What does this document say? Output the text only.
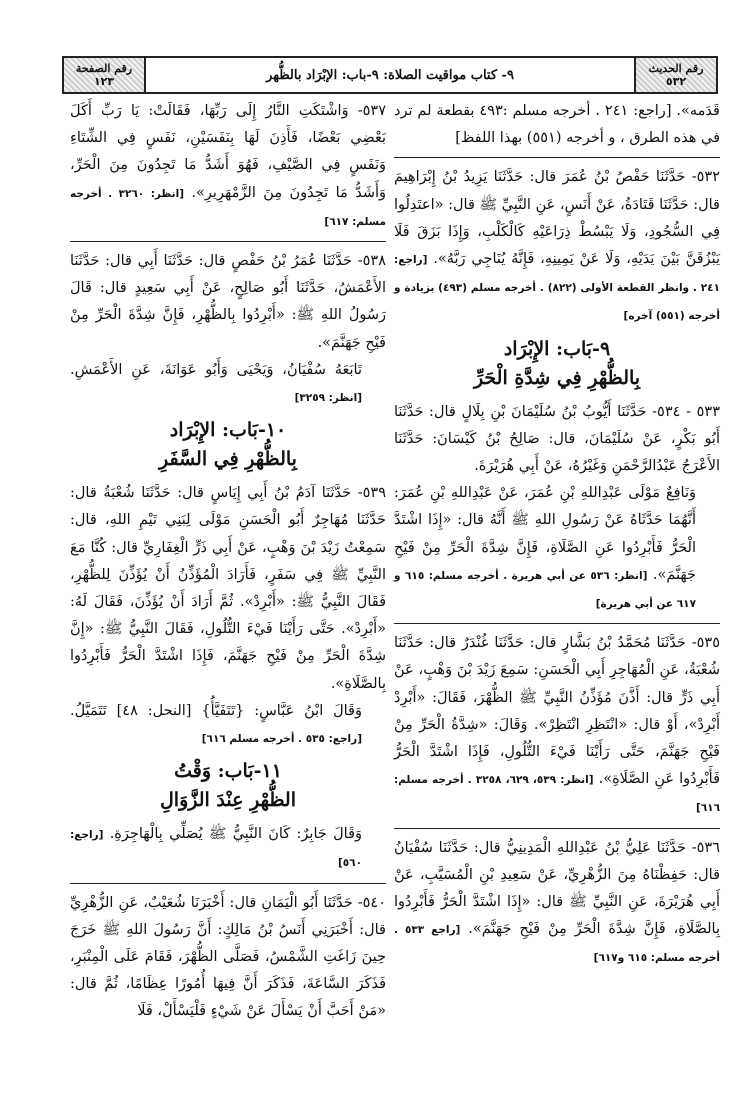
رقم الصفحة
١٢٣	٩- كتاب مواقيت الصلاة: ٩-باب: الإبْرَاد بالظُّهر	رقم الحديث
٥٣٢

قَدَمه». [راجع: ٢٤١ . أخرجه مسلم :٤٩٣ بقطعة لم ترد في هذه الطرق ، و أخرجه (٥٥١) بهذا اللفظ]

٥٣٢- حَدَّثَنَا حَفْصُ بْنُ عُمَرَ قال: حَدَّثَنَا يَزِيدُ بْنُ إِبْرَاهِيمَ قال: حَدَّثَنَا قَتَادَةُ، عَنْ أَنَسٍ، عَنِ النَّبِيِّ ﷺ قال: «اعتَدِلُوا فِي السُّجُودِ، وَلَا يَبْسُطْ ذِرَاعَيْهِ كَالْكَلْبِ، وَإِذَا بَزَقَ فَلَا يَبْزُقَنَّ بَيْنَ يَدَيْهِ، وَلَا عَنْ يَمِينِهِ، فَإِنَّهُ يُنَاجِي رَبَّهُ». [راجع: ٢٤١ . وانظر القطعة الأولى (٨٢٢) . أخرجه مسلم (٤٩٣) بزيادة و أخرجه (٥٥١) آخره]

٩-بَاب: الإِبْرَاد
بِالظُّهْرِ فِي شِدَّةِ الْحَرِّ

٥٣٣ - ٥٣٤- حَدَّثَنَا أَيُّوبُ بْنُ سُلَيْمَانَ بْنِ بِلَالٍ قال: حَدَّثَنَا أَبُو بَكْرٍ، عَنْ سُلَيْمَانَ، قال: صَالِحُ بْنُ كَيْسَانَ: حَدَّثَنَا الأَعْرَجُ عَبْدُالرَّحْمَنِ وَغَيْرُهُ، عَنْ أَبِي هُرَيْرَةَ.

وَنَافِعٌ مَوْلَى عَبْدِاللهِ بْنِ عُمَرَ، عَنْ عَبْدِاللهِ بْنِ عُمَرَ: أَنَّهُمَا حَدَّثَاهُ عَنْ رَسُولِ اللهِ ﷺ أَنَّهُ قال: «إِذَا اشْتَدَّ الْحَرُّ فَأَبْرِدُوا عَنِ الصَّلَاةِ، فَإِنَّ شِدَّةَ الْحَرِّ مِنْ فَيْحِ جَهَنَّمَ». [انظر: ٥٣٦ عن أبي هريرة . أخرجه مسلم: ٦١٥ و ٦١٧ عن أبي هريرة]

٥٣٥- حَدَّثَنَا مُحَمَّدُ بْنُ بَشَّارٍ قال: حَدَّثَنَا غُنْدَرٌ قال: حَدَّثَنَا شُعْبَةُ، عَنِ الْمُهَاجِرِ أَبِي الْحَسَنِ: سَمِعَ زَيْدَ بْنَ وَهْبٍ، عَنْ أَبِي ذَرٍّ قال: أَذَّنَ مُؤَذِّنُ النَّبِيِّ ﷺ الظُّهْرَ، فَقَالَ: «أَبْرِدْ أَبْرِدْ»، أَوْ قال: «انْتَظِرِ انْتَظِرْ». وَقَالَ: «شِدَّةُ الْحَرِّ مِنْ فَيْحِ جَهَنَّمَ، حَتَّى رَأَيْنَا فَيْءَ التُّلُولِ، فَإِذَا اشْتَدَّ الْحَرُّ فَأَبْرِدُوا عَنِ الصَّلَاةِ». [انظر: ٥٣٩، ٦٢٩، ٣٢٥٨ . أخرجه مسلم: ٦١٦]

٥٣٦- حَدَّثَنَا عَلِيُّ بْنُ عَبْدِاللهِ الْمَدِينِيُّ قال: حَدَّثَنَا سُفْيَانُ قال: حَفِظْنَاهُ مِنَ الزُّهْرِيِّ، عَنْ سَعِيدِ بْنِ الْمُسَيَّبِ، عَنْ أَبِي هُرَيْرَةَ، عَنِ النَّبِيِّ ﷺ قال: «إِذَا اشْتَدَّ الْحَرُّ فَأَبْرِدُوا بِالصَّلَاةِ، فَإِنَّ شِدَّةَ الْحَرِّ مِنْ فَيْحِ جَهَنَّمَ». [راجع ٥٣٣ . أخرجه مسلم: ٦١٥ و٦١٧]

٥٣٧- وَاشْتَكَتِ النَّارُ إِلَى رَبِّهَا، فَقَالَتْ: يَا رَبِّ أَكَلَ بَعْضِي بَعْضًا، فَأَذِنَ لَهَا بِنَفَسَيْنِ، نَفَسٍ فِي الشِّتَاءِ وَنَفَسٍ فِي الصَّيْفِ، فَهُوَ أَشَدُّ مَا تَجِدُونَ مِنَ الْحَرِّ، وَأَشَدُّ مَا تَجِدُونَ مِنَ الزَّمْهَرِيرِ». [انظر: ٣٢٦٠ . أخرجه مسلم: ٦١٧]

٥٣٨- حَدَّثَنَا عُمَرُ بْنُ حَفْصٍ قال: حَدَّثَنَا أَبِي قال: حَدَّثَنَا الأَعْمَشُ، حَدَّثَنَا أَبُو صَالِحٍ، عَنْ أَبِي سَعِيدٍ قال: قَالَ رَسُولُ اللهِ ﷺ: «أَبْرِدُوا بِالظُّهْرِ، فَإِنَّ شِدَّةَ الْحَرِّ مِنْ فَيْحِ جَهَنَّمَ».

تَابَعَهُ سُفْيَانُ، وَيَحْيَى وَأَبُو عَوَانَةَ، عَنِ الأَعْمَشِ. [انظر: ٣٢٥٩]

١٠-بَاب: الإِبْرَاد
بِالظُّهْرِ فِي السَّفَرِ

٥٣٩- حَدَّثَنَا آدَمُ بْنُ أَبِي إِيَاسٍ قال: حَدَّثَنَا شُعْبَةُ قال: حَدَّثَنَا مُهَاجِرٌ أَبُو الْحَسَنِ مَوْلَى لِبَنِي تَيْمِ اللهِ، قال: سَمِعْتُ زَيْدَ بْنَ وَهْبٍ، عَنْ أَبِي ذَرٍّ الْغِفَارِيِّ قال: كُنَّا مَعَ النَّبِيِّ ﷺ فِي سَفَرٍ، فَأَرَادَ الْمُؤَذِّنُ أَنْ يُؤَذِّنَ لِلظُّهْرِ، فَقَالَ النَّبِيُّ ﷺ: «أَبْرِدْ». ثُمَّ أَرَادَ أَنْ يُؤَذِّنَ، فَقَالَ لَهُ: «أَبْرِدْ». حَتَّى رَأَيْنَا فَيْءَ التُّلُولِ، فَقَالَ النَّبِيُّ ﷺ: «إِنَّ شِدَّةَ الْحَرِّ مِنْ فَيْحِ جَهَنَّمَ، فَإِذَا اشْتَدَّ الْحَرُّ فَأَبْرِدُوا بِالصَّلَاةِ».

وَقَالَ ابْنُ عَبَّاسٍ: {تَتَفَيَّأُ} [النحل: ٤٨] تَتَمَيَّلُ. [راجع: ٥٣٥ . أخرجه مسلم ٦١٦]

١١-بَاب: وَقْتُ
الظُّهْرِ عِنْدَ الزَّوَالِ

وَقَالَ جَابِرٌ: كَانَ النَّبِيُّ ﷺ يُصَلِّي بِالْهَاجِرَةِ. [راجع: ٥٦٠]

٥٤٠- حَدَّثَنَا أَبُو الْيَمَانِ قال: أَخْبَرَنَا شُعَيْبٌ، عَنِ الزُّهْرِيِّ قال: أَخْبَرَنِي أَنَسُ بْنُ مَالِكٍ: أَنَّ رَسُولَ اللهِ ﷺ خَرَجَ حِينَ زَاغَتِ الشَّمْسُ، فَصَلَّى الظُّهْرَ، فَقَامَ عَلَى الْمِنْبَرِ، فَذَكَرَ السَّاعَةَ، فَذَكَرَ أَنَّ فِيهَا أُمُورًا عِظَامًا، ثُمَّ قال: «مَنْ أَحَبَّ أَنْ يَسْأَلَ عَنْ شَيْءٍ فَلْيَسْأَلْ، فَلَا
